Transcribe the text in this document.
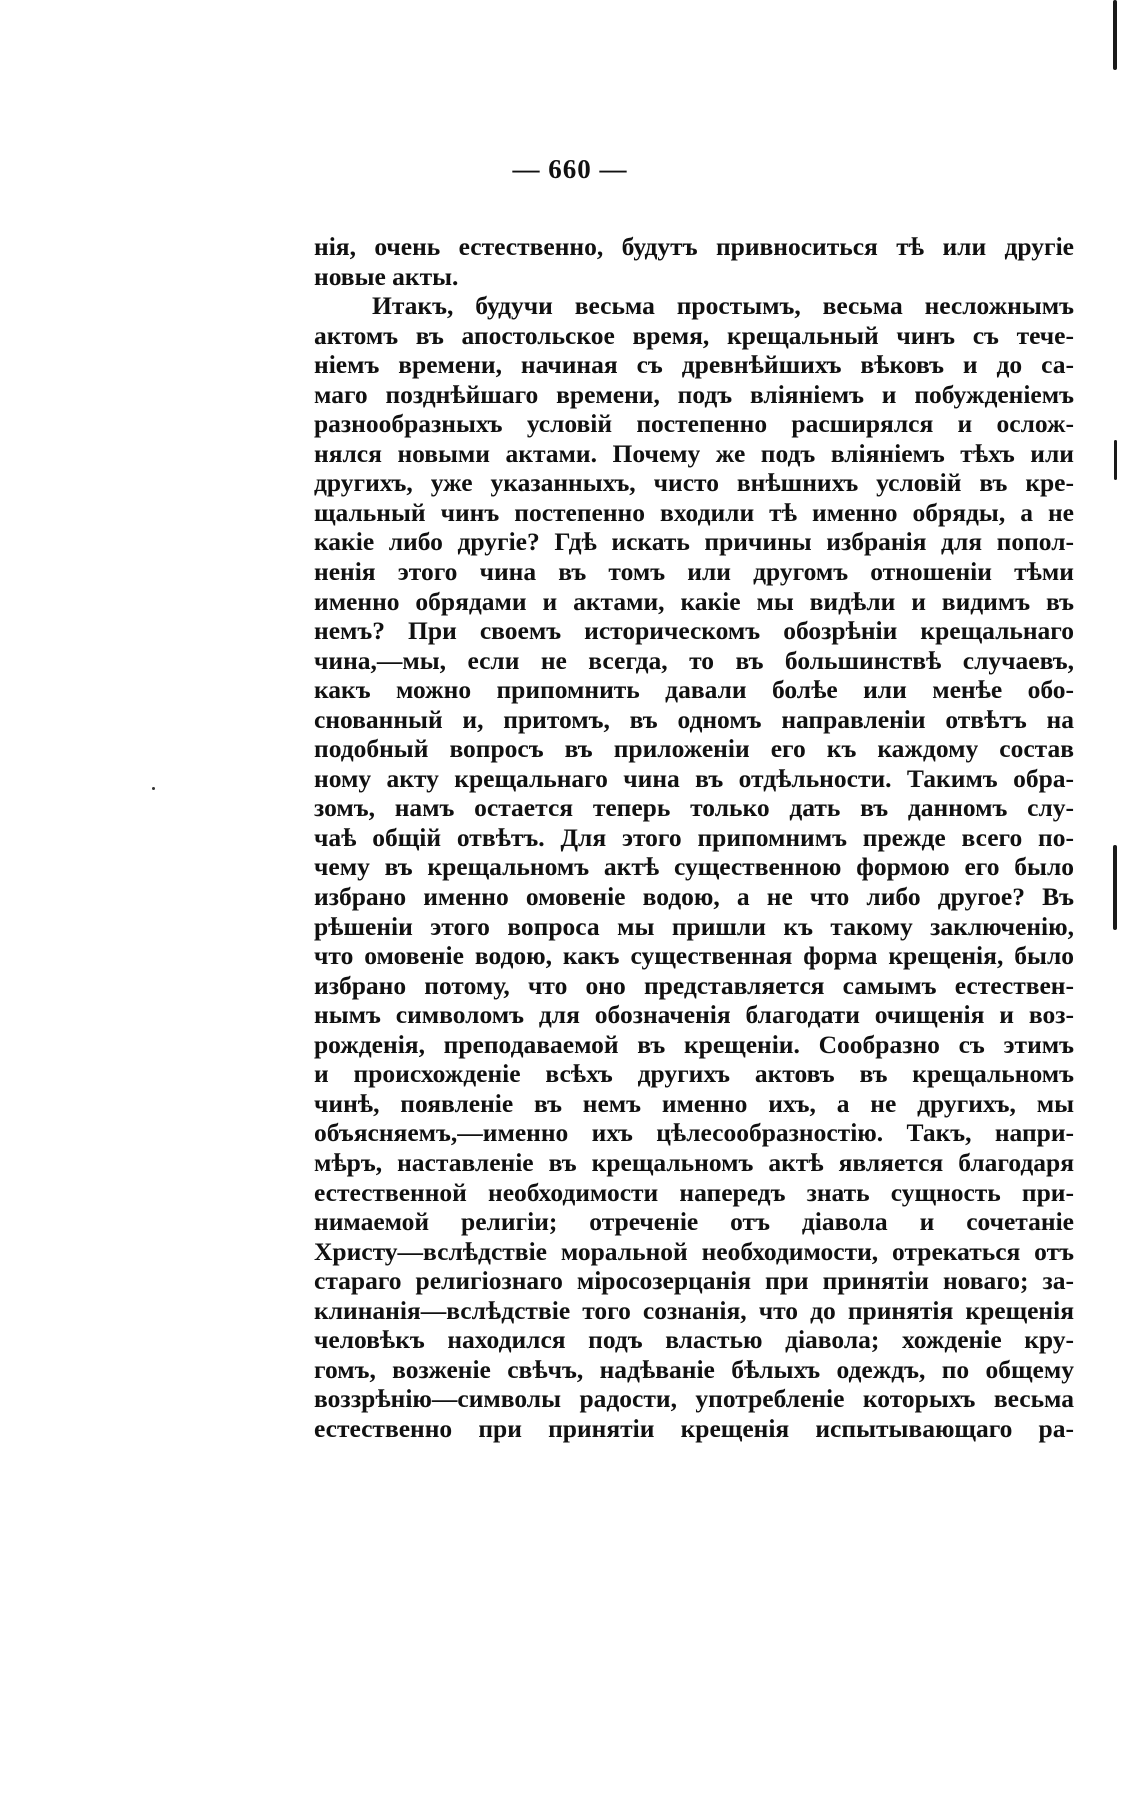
— 660 —
нія, очень естественно, будутъ привноситься тѣ или другіе
новые акты.
Итакъ, будучи весьма простымъ, весьма несложнымъ
актомъ въ апостольское время, крещальный чинъ съ тече-
ніемъ времени, начиная съ древнѣйшихъ вѣковъ и до са-
маго позднѣйшаго времени, подъ вліяніемъ и побужденіемъ
разнообразныхъ условій постепенно расширялся и ослож-
нялся новыми актами. Почему же подъ вліяніемъ тѣхъ или
другихъ, уже указанныхъ, чисто внѣшнихъ условій въ кре-
щальный чинъ постепенно входили тѣ именно обряды, а не
какіе либо другіе? Гдѣ искать причины избранія для попол-
ненія этого чина въ томъ или другомъ отношеніи тѣми
именно обрядами и актами, какіе мы видѣли и видимъ въ
немъ? При своемъ историческомъ обозрѣніи крещальнаго
чина,—мы, если не всегда, то въ большинствѣ случаевъ,
какъ можно припомнить давали болѣе или менѣе обо-
снованный и, притомъ, въ одномъ направленіи отвѣтъ на
подобный вопросъ въ приложеніи его къ каждому состав
ному акту крещальнаго чина въ отдѣльности. Такимъ обра-
зомъ, намъ остается теперь только дать въ данномъ слу-
чаѣ общій отвѣтъ. Для этого припомнимъ прежде всего по-
чему въ крещальномъ актѣ существенною формою его было
избрано именно омовеніе водою, а не что либо другое? Въ
рѣшеніи этого вопроса мы пришли къ такому заключенію,
что омовеніе водою, какъ существенная форма крещенія, было
избрано потому, что оно представляется самымъ естествен-
нымъ символомъ для обозначенія благодати очищенія и воз-
рожденія, преподаваемой въ крещеніи. Сообразно съ этимъ
и происхожденіе всѣхъ другихъ актовъ въ крещальномъ
чинѣ, появленіе въ немъ именно ихъ, а не другихъ, мы
объясняемъ,—именно ихъ цѣлесообразностію. Такъ, напри-
мѣръ, наставленіе въ крещальномъ актѣ является благодаря
естественной необходимости напередъ знать сущность при-
нимаемой религіи; отреченіе отъ діавола и сочетаніе
Христу—вслѣдствіе моральной необходимости, отрекаться отъ
стараго религіознаго міросозерцанія при принятіи новаго; за-
клинанія—вслѣдствіе того сознанія, что до принятія крещенія
человѣкъ находился подъ властью діавола; хожденіе кру-
гомъ, возженіе свѣчъ, надѣваніе бѣлыхъ одеждъ, по общему
воззрѣнію—символы радости, употребленіе которыхъ весьма
естественно при принятіи крещенія испытывающаго ра-
